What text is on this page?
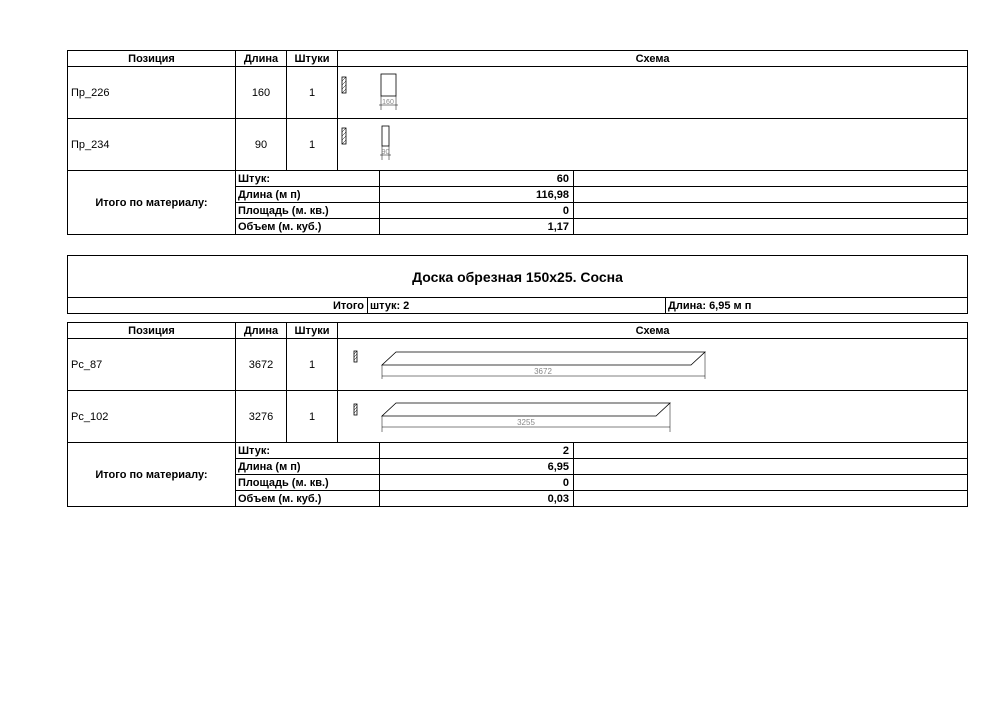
Позиция	Длина	Штуки	Схема		
Пр_226	160	1	160		

Пр_234	90	1	90		

Итого по материалу:	Штук:			60	
	Длина (м п)			116,98	
	Площадь (м. кв.)			0	
	Объем (м. куб.)			1,17	
Доска обрезная 150х25. Сосна
Итого	штук: 2	Длина: 6,95 м п
Позиция	Длина	Штуки	Схема		
Рс_87	3672	1	3672		

Рс_102	3276	1	3255		

Итого по материалу:	Штук:			2	
	Длина (м п)			6,95	
	Площадь (м. кв.)			0	
	Объем (м. куб.)			0,03	
